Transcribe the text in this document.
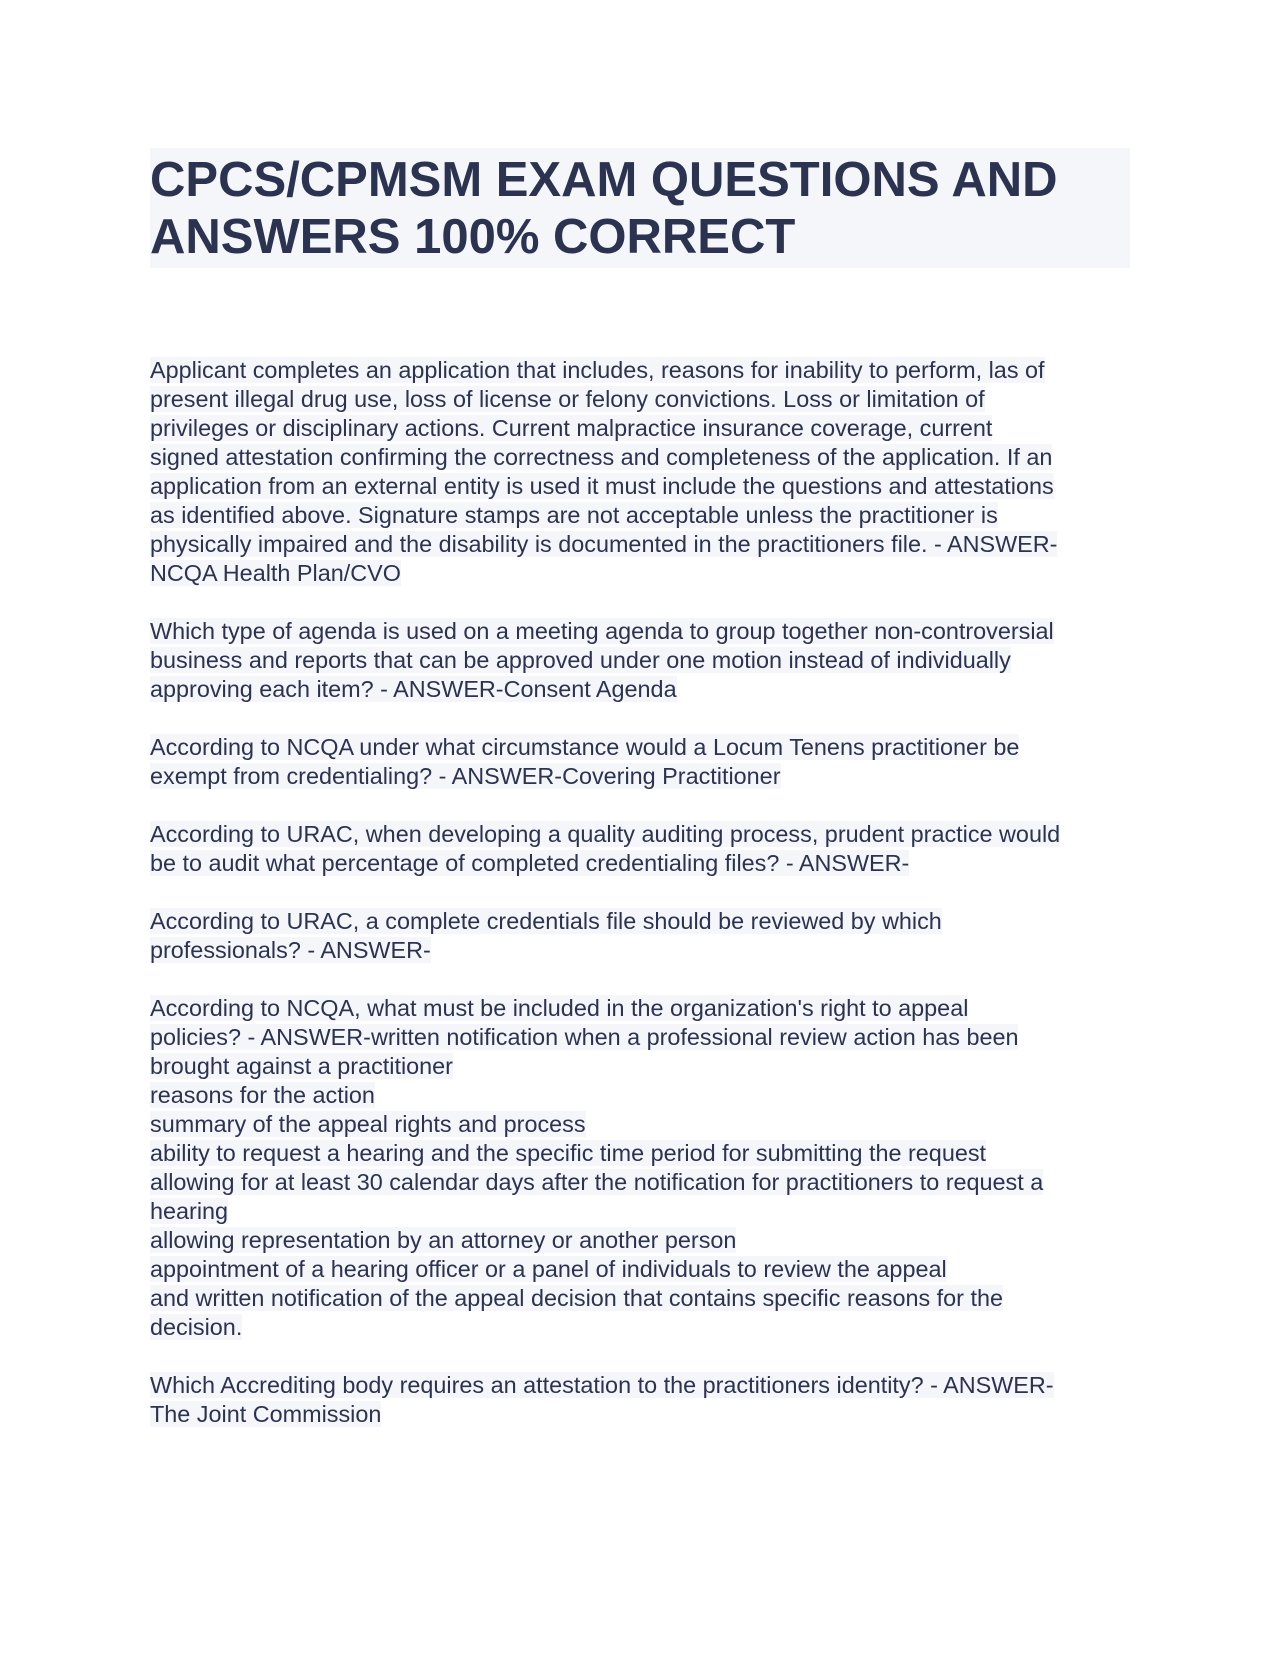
CPCS/CPMSM EXAM QUESTIONS AND
ANSWERS 100% CORRECT
Applicant completes an application that includes, reasons for inability to perform, las of
present illegal drug use, loss of license or felony convictions. Loss or limitation of
privileges or disciplinary actions. Current malpractice insurance coverage, current
signed attestation confirming the correctness and completeness of the application. If an
application from an external entity is used it must include the questions and attestations
as identified above. Signature stamps are not acceptable unless the practitioner is
physically impaired and the disability is documented in the practitioners file. - ANSWER-
NCQA Health Plan/CVO
Which type of agenda is used on a meeting agenda to group together non-controversial
business and reports that can be approved under one motion instead of individually
approving each item? - ANSWER-Consent Agenda
According to NCQA under what circumstance would a Locum Tenens practitioner be
exempt from credentialing? - ANSWER-Covering Practitioner
According to URAC, when developing a quality auditing process, prudent practice would
be to audit what percentage of completed credentialing files? - ANSWER-
According to URAC, a complete credentials file should be reviewed by which
professionals? - ANSWER-
According to NCQA, what must be included in the organization's right to appeal
policies? - ANSWER-written notification when a professional review action has been
brought against a practitioner
reasons for the action
summary of the appeal rights and process
ability to request a hearing and the specific time period for submitting the request
allowing for at least 30 calendar days after the notification for practitioners to request a
hearing
allowing representation by an attorney or another person
appointment of a hearing officer or a panel of individuals to review the appeal
and written notification of the appeal decision that contains specific reasons for the
decision.
Which Accrediting body requires an attestation to the practitioners identity? - ANSWER-
The Joint Commission
